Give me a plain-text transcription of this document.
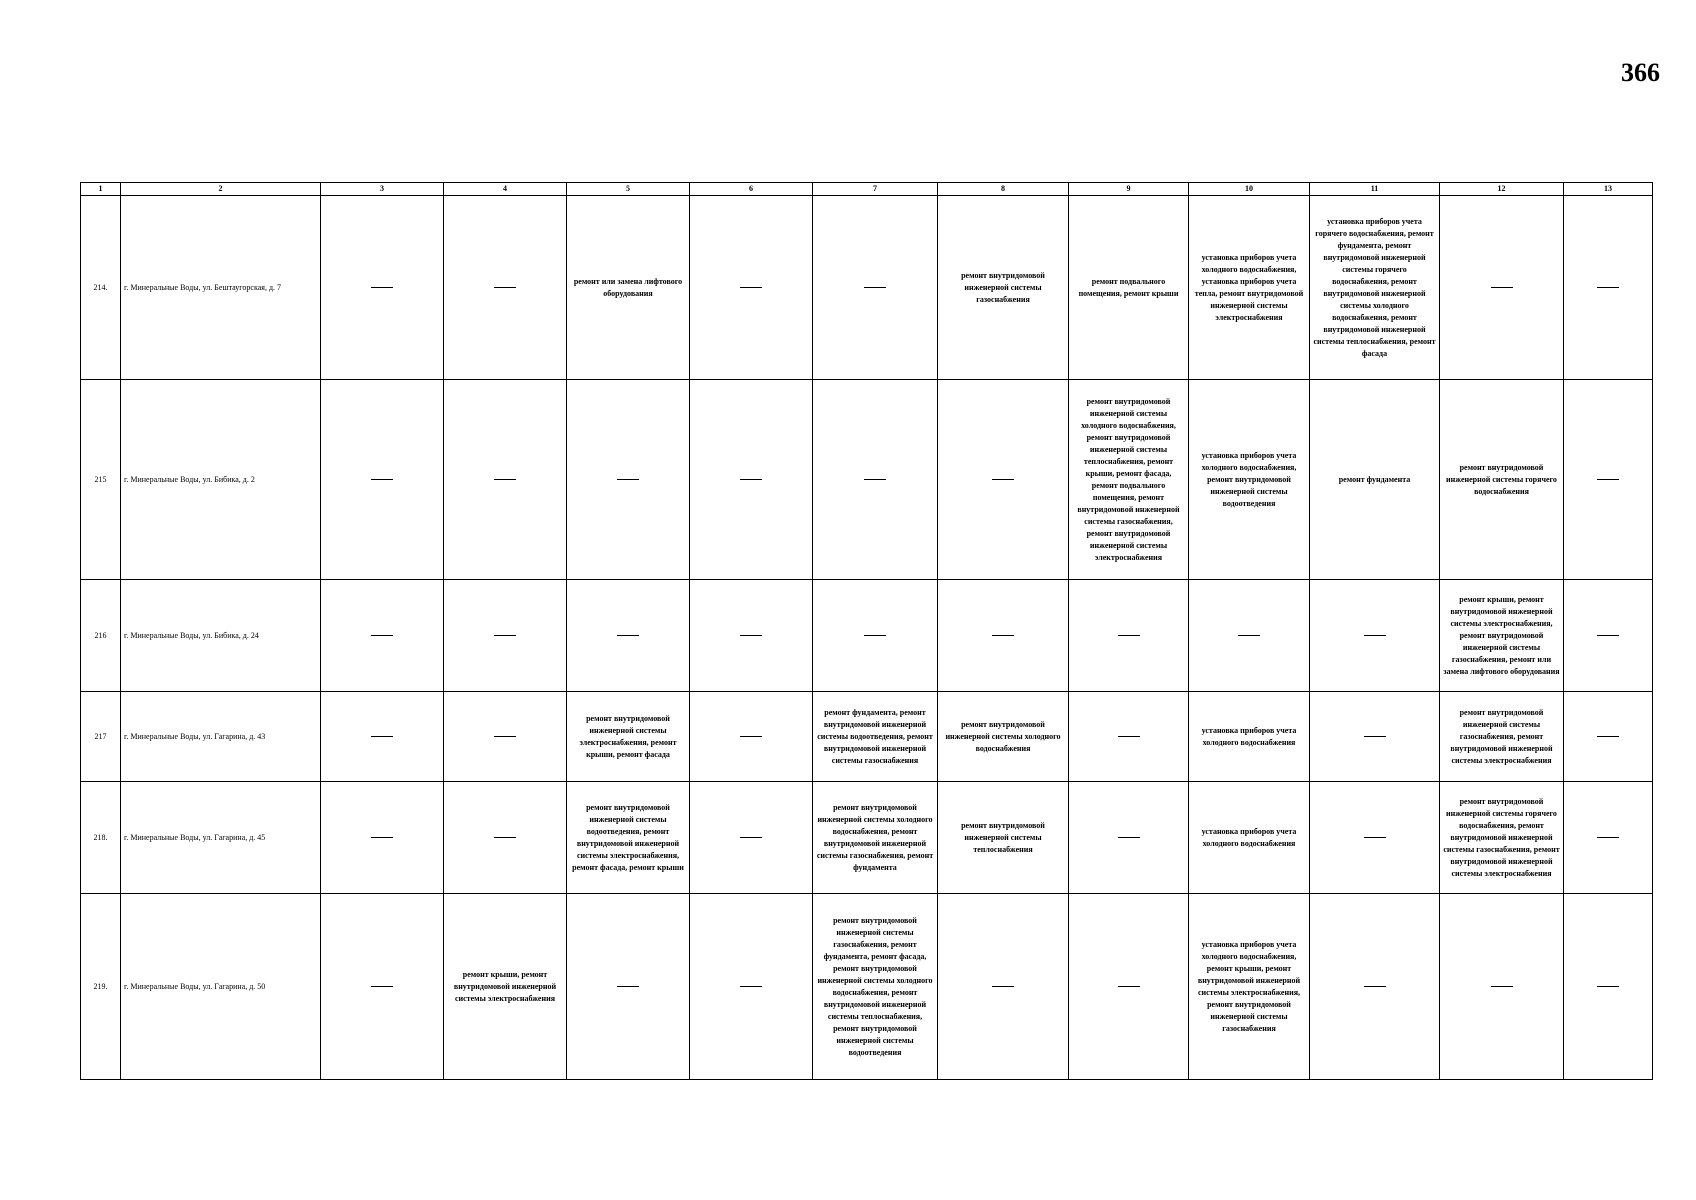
366
1	2	3	4	5	6	7	8	9	10	11	12	13
214.	г. Минеральные Воды, ул. Бештаугорская, д. 7			ремонт или замена лифтового оборудования			ремонт внутридомовой инженерной системы газоснабжения	ремонт подвального помещения, ремонт крыши	установка приборов учета холодного водоснабжения, установка приборов учета тепла, ремонт внутридомовой инженерной системы электроснабжения	установка приборов учета горячего водоснабжения, ремонт фундамента, ремонт внутридомовой инженерной системы горячего водоснабжения, ремонт внутридомовой инженерной системы холодного водоснабжения, ремонт внутридомовой инженерной системы теплоснабжения, ремонт фасада		
215	г. Минеральные Воды, ул. Бибика, д. 2							ремонт внутридомовой инженерной системы холодного водоснабжения, ремонт внутридомовой инженерной системы теплоснабжения, ремонт крыши, ремонт фасада, ремонт подвального помещения, ремонт внутридомовой инженерной системы газоснабжения, ремонт внутридомовой инженерной системы электроснабжения	установка приборов учета холодного водоснабжения, ремонт внутридомовой инженерной системы водоотведения	ремонт фундамента	ремонт внутридомовой инженерной системы горячего водоснабжения	
216	г. Минеральные Воды, ул. Бибика, д. 24										ремонт крыши, ремонт внутридомовой инженерной системы электроснабжения, ремонт внутридомовой инженерной системы газоснабжения, ремонт или замена лифтового оборудования	
217	г. Минеральные Воды, ул. Гагарина, д. 43			ремонт внутридомовой инженерной системы электроснабжения, ремонт крыши, ремонт фасада		ремонт фундамента, ремонт внутридомовой инженерной системы водоотведения, ремонт внутридомовой инженерной системы газоснабжения	ремонт внутридомовой инженерной системы холодного водоснабжения		установка приборов учета холодного водоснабжения		ремонт внутридомовой инженерной системы газоснабжения, ремонт внутридомовой инженерной системы электроснабжения	
218.	г. Минеральные Воды, ул. Гагарина, д. 45			ремонт внутридомовой инженерной системы водоотведения, ремонт внутридомовой инженерной системы электроснабжения, ремонт фасада, ремонт крыши		ремонт внутридомовой инженерной системы холодного водоснабжения, ремонт внутридомовой инженерной системы газоснабжения, ремонт фундамента	ремонт внутридомовой инженерной системы теплоснабжения		установка приборов учета холодного водоснабжения		ремонт внутридомовой инженерной системы горячего водоснабжения, ремонт внутридомовой инженерной системы газоснабжения, ремонт внутридомовой инженерной системы электроснабжения	
219.	г. Минеральные Воды, ул. Гагарина, д. 50		ремонт крыши, ремонт внутридомовой инженерной системы электроснабжения			ремонт внутридомовой инженерной системы газоснабжения, ремонт фундамента, ремонт фасада, ремонт внутридомовой инженерной системы холодного водоснабжения, ремонт внутридомовой инженерной системы теплоснабжения, ремонт внутридомовой инженерной системы водоотведения			установка приборов учета холодного водоснабжения, ремонт крыши, ремонт внутридомовой инженерной системы электроснабжения, ремонт внутридомовой инженерной системы газоснабжения			
